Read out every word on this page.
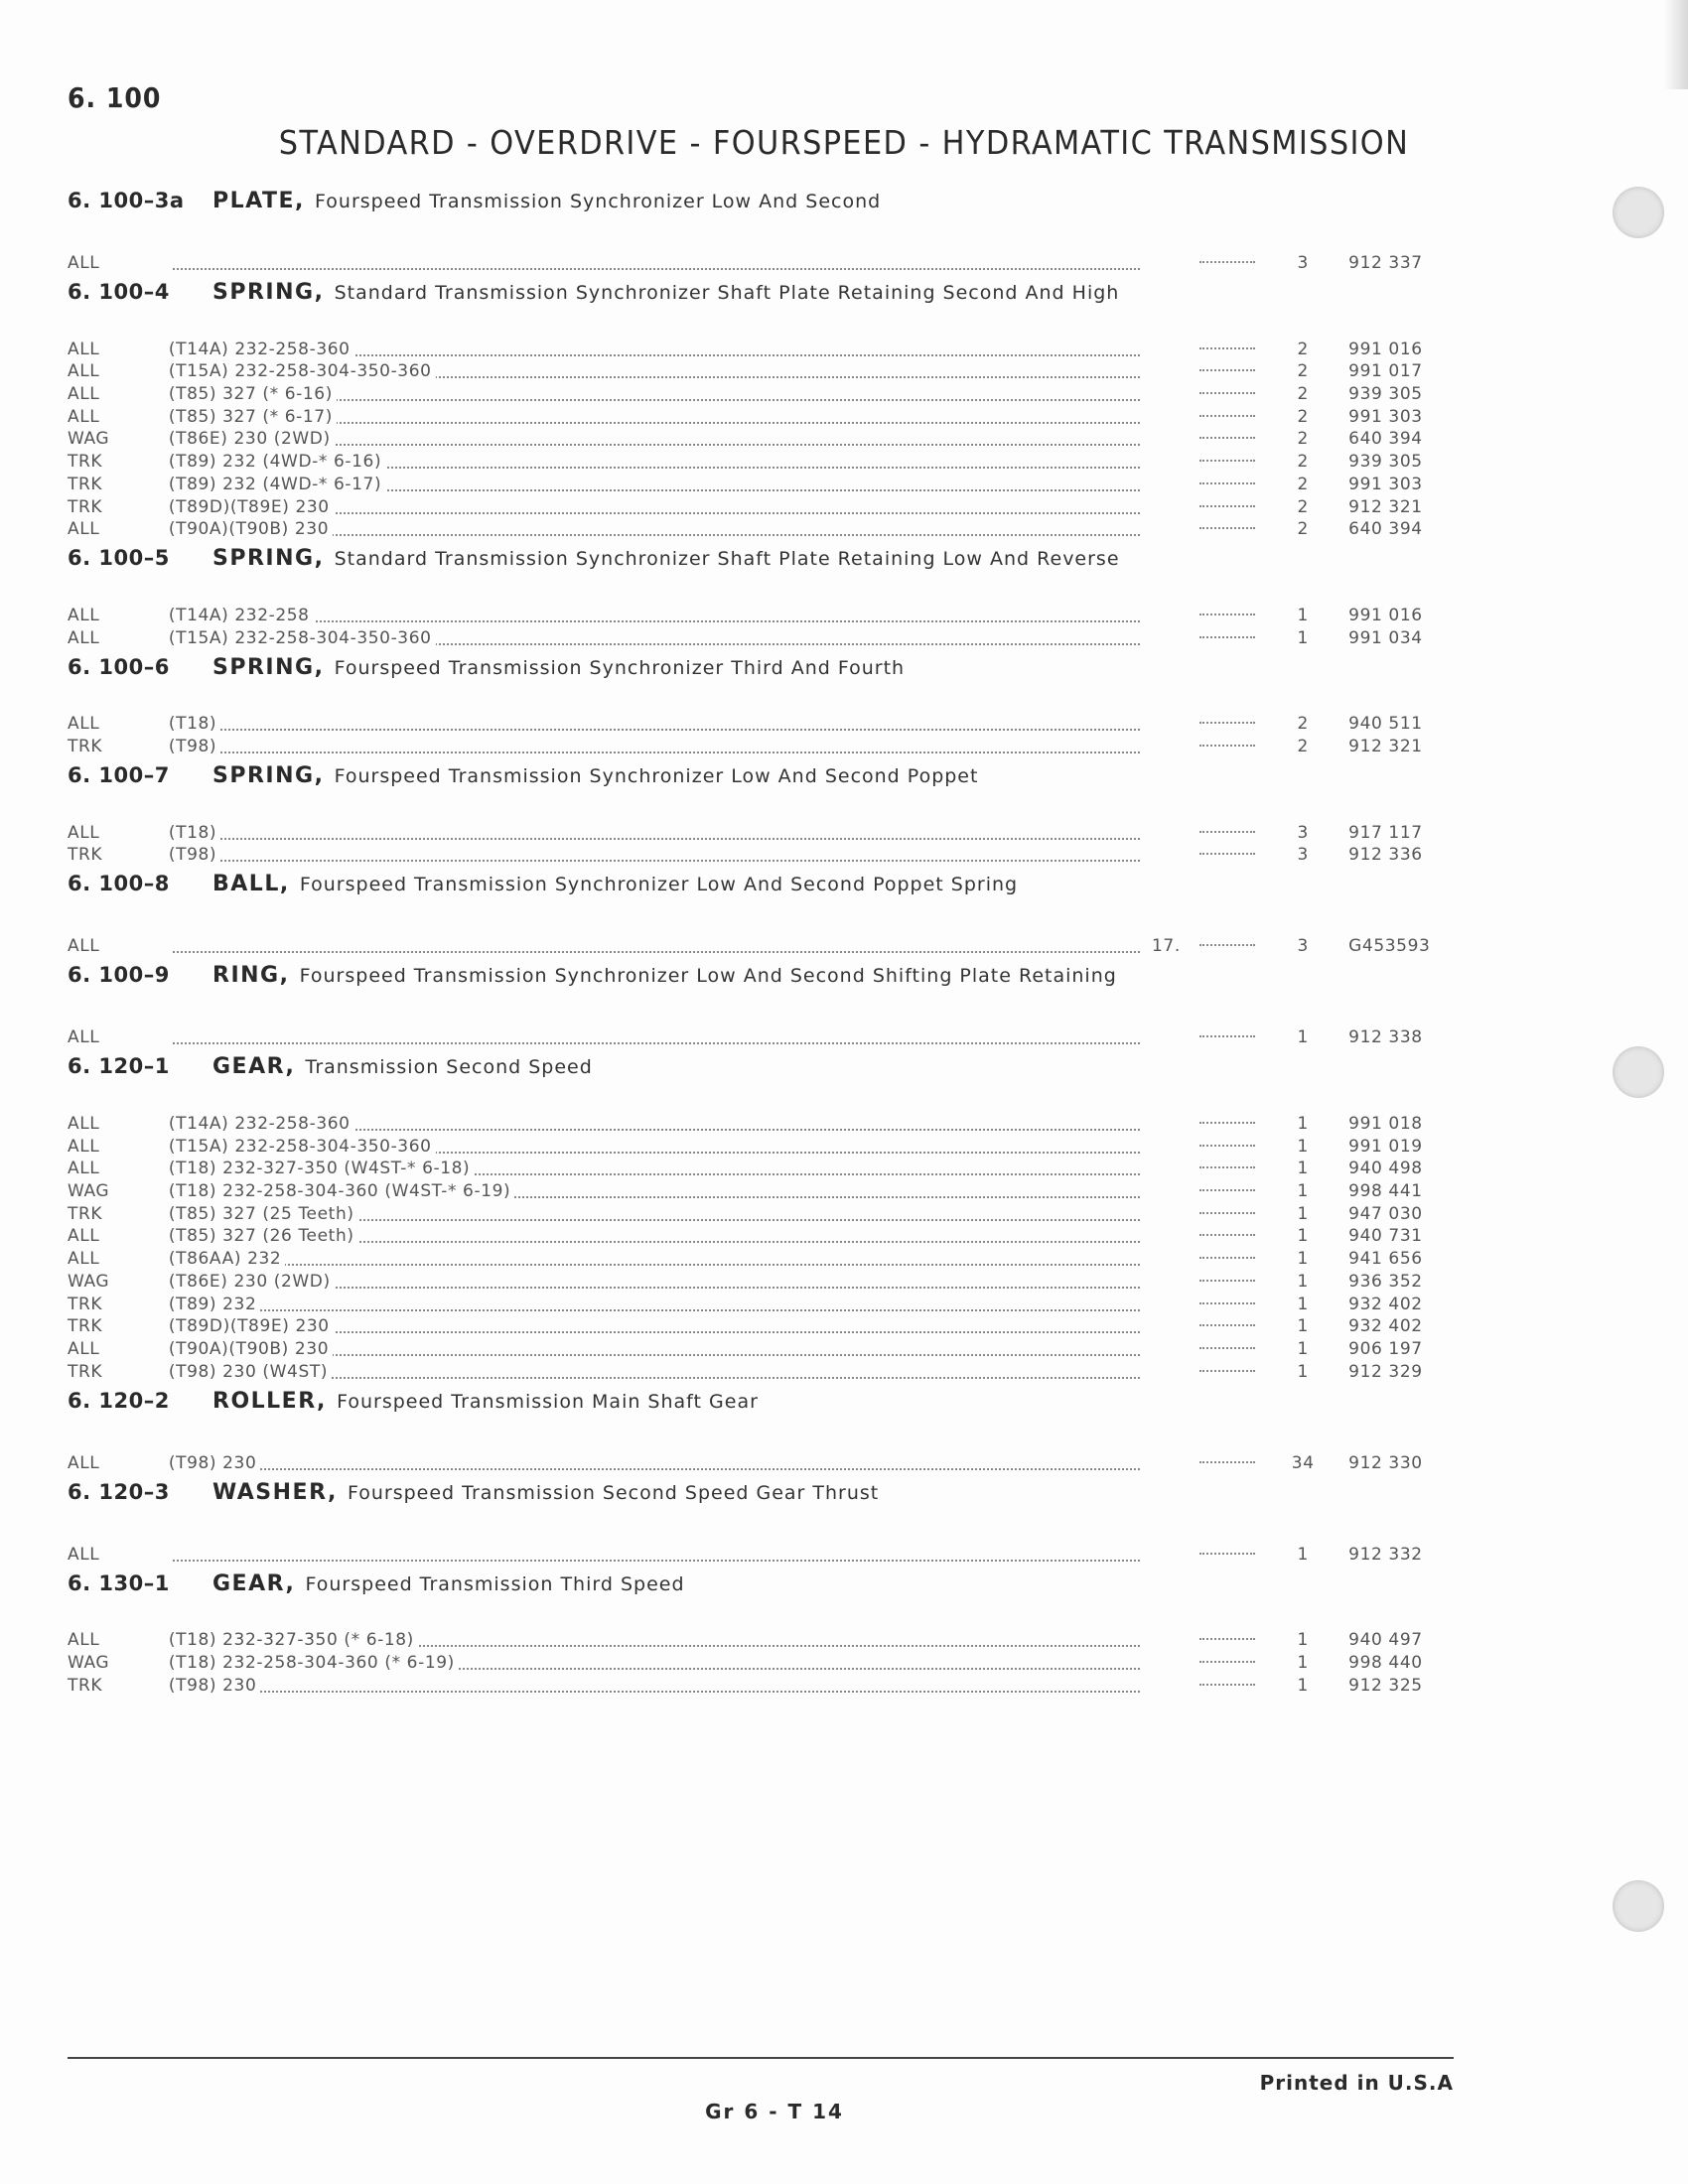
6. 100
STANDARD - OVERDRIVE - FOURSPEED - HYDRAMATIC TRANSMISSION
6. 100–3a	PLATE,
Fourspeed Transmission Synchronizer Low And Second
ALL	3	912 337
6. 100–4	SPRING,
Standard Transmission Synchronizer Shaft Plate Retaining Second And High
ALL	(T14A) 232-258-360	2	991 016
ALL	(T15A) 232-258-304-350-360	2	991 017
ALL	(T85) 327 (* 6-16)	2	939 305
ALL	(T85) 327 (* 6-17)	2	991 303
WAG	(T86E) 230 (2WD)	2	640 394
TRK	(T89) 232 (4WD-* 6-16)	2	939 305
TRK	(T89) 232 (4WD-* 6-17)	2	991 303
TRK	(T89D)(T89E) 230	2	912 321
ALL	(T90A)(T90B) 230	2	640 394
6. 100–5	SPRING,
Standard Transmission Synchronizer Shaft Plate Retaining Low And Reverse
ALL	(T14A) 232-258	1	991 016
ALL	(T15A) 232-258-304-350-360	1	991 034
6. 100–6	SPRING,
Fourspeed Transmission Synchronizer Third And Fourth
ALL	(T18)	2	940 511
TRK	(T98)	2	912 321
6. 100–7	SPRING,
Fourspeed Transmission Synchronizer Low And Second Poppet
ALL	(T18)	3	917 117
TRK	(T98)	3	912 336
6. 100–8	BALL,
Fourspeed Transmission Synchronizer Low And Second Poppet Spring
ALL	17.	3	G453593
6. 100–9	RING,
Fourspeed Transmission Synchronizer Low And Second Shifting Plate Retaining
ALL	1	912 338
6. 120–1	GEAR,
Transmission Second Speed
ALL	(T14A) 232-258-360	1	991 018
ALL	(T15A) 232-258-304-350-360	1	991 019
ALL	(T18) 232-327-350 (W4ST-* 6-18)	1	940 498
WAG	(T18) 232-258-304-360 (W4ST-* 6-19)	1	998 441
TRK	(T85) 327 (25 Teeth)	1	947 030
ALL	(T85) 327 (26 Teeth)	1	940 731
ALL	(T86AA) 232	1	941 656
WAG	(T86E) 230 (2WD)	1	936 352
TRK	(T89) 232	1	932 402
TRK	(T89D)(T89E) 230	1	932 402
ALL	(T90A)(T90B) 230	1	906 197
TRK	(T98) 230 (W4ST)	1	912 329
6. 120–2	ROLLER,
Fourspeed Transmission Main Shaft Gear
ALL	(T98) 230	34	912 330
6. 120–3	WASHER,
Fourspeed Transmission Second Speed Gear Thrust
ALL	1	912 332
6. 130–1	GEAR,
Fourspeed Transmission Third Speed
ALL	(T18) 232-327-350 (* 6-18)	1	940 497
WAG	(T18) 232-258-304-360 (* 6-19)	1	998 440
TRK	(T98) 230	1	912 325
Printed in U.S.A
Gr 6 - T 14
